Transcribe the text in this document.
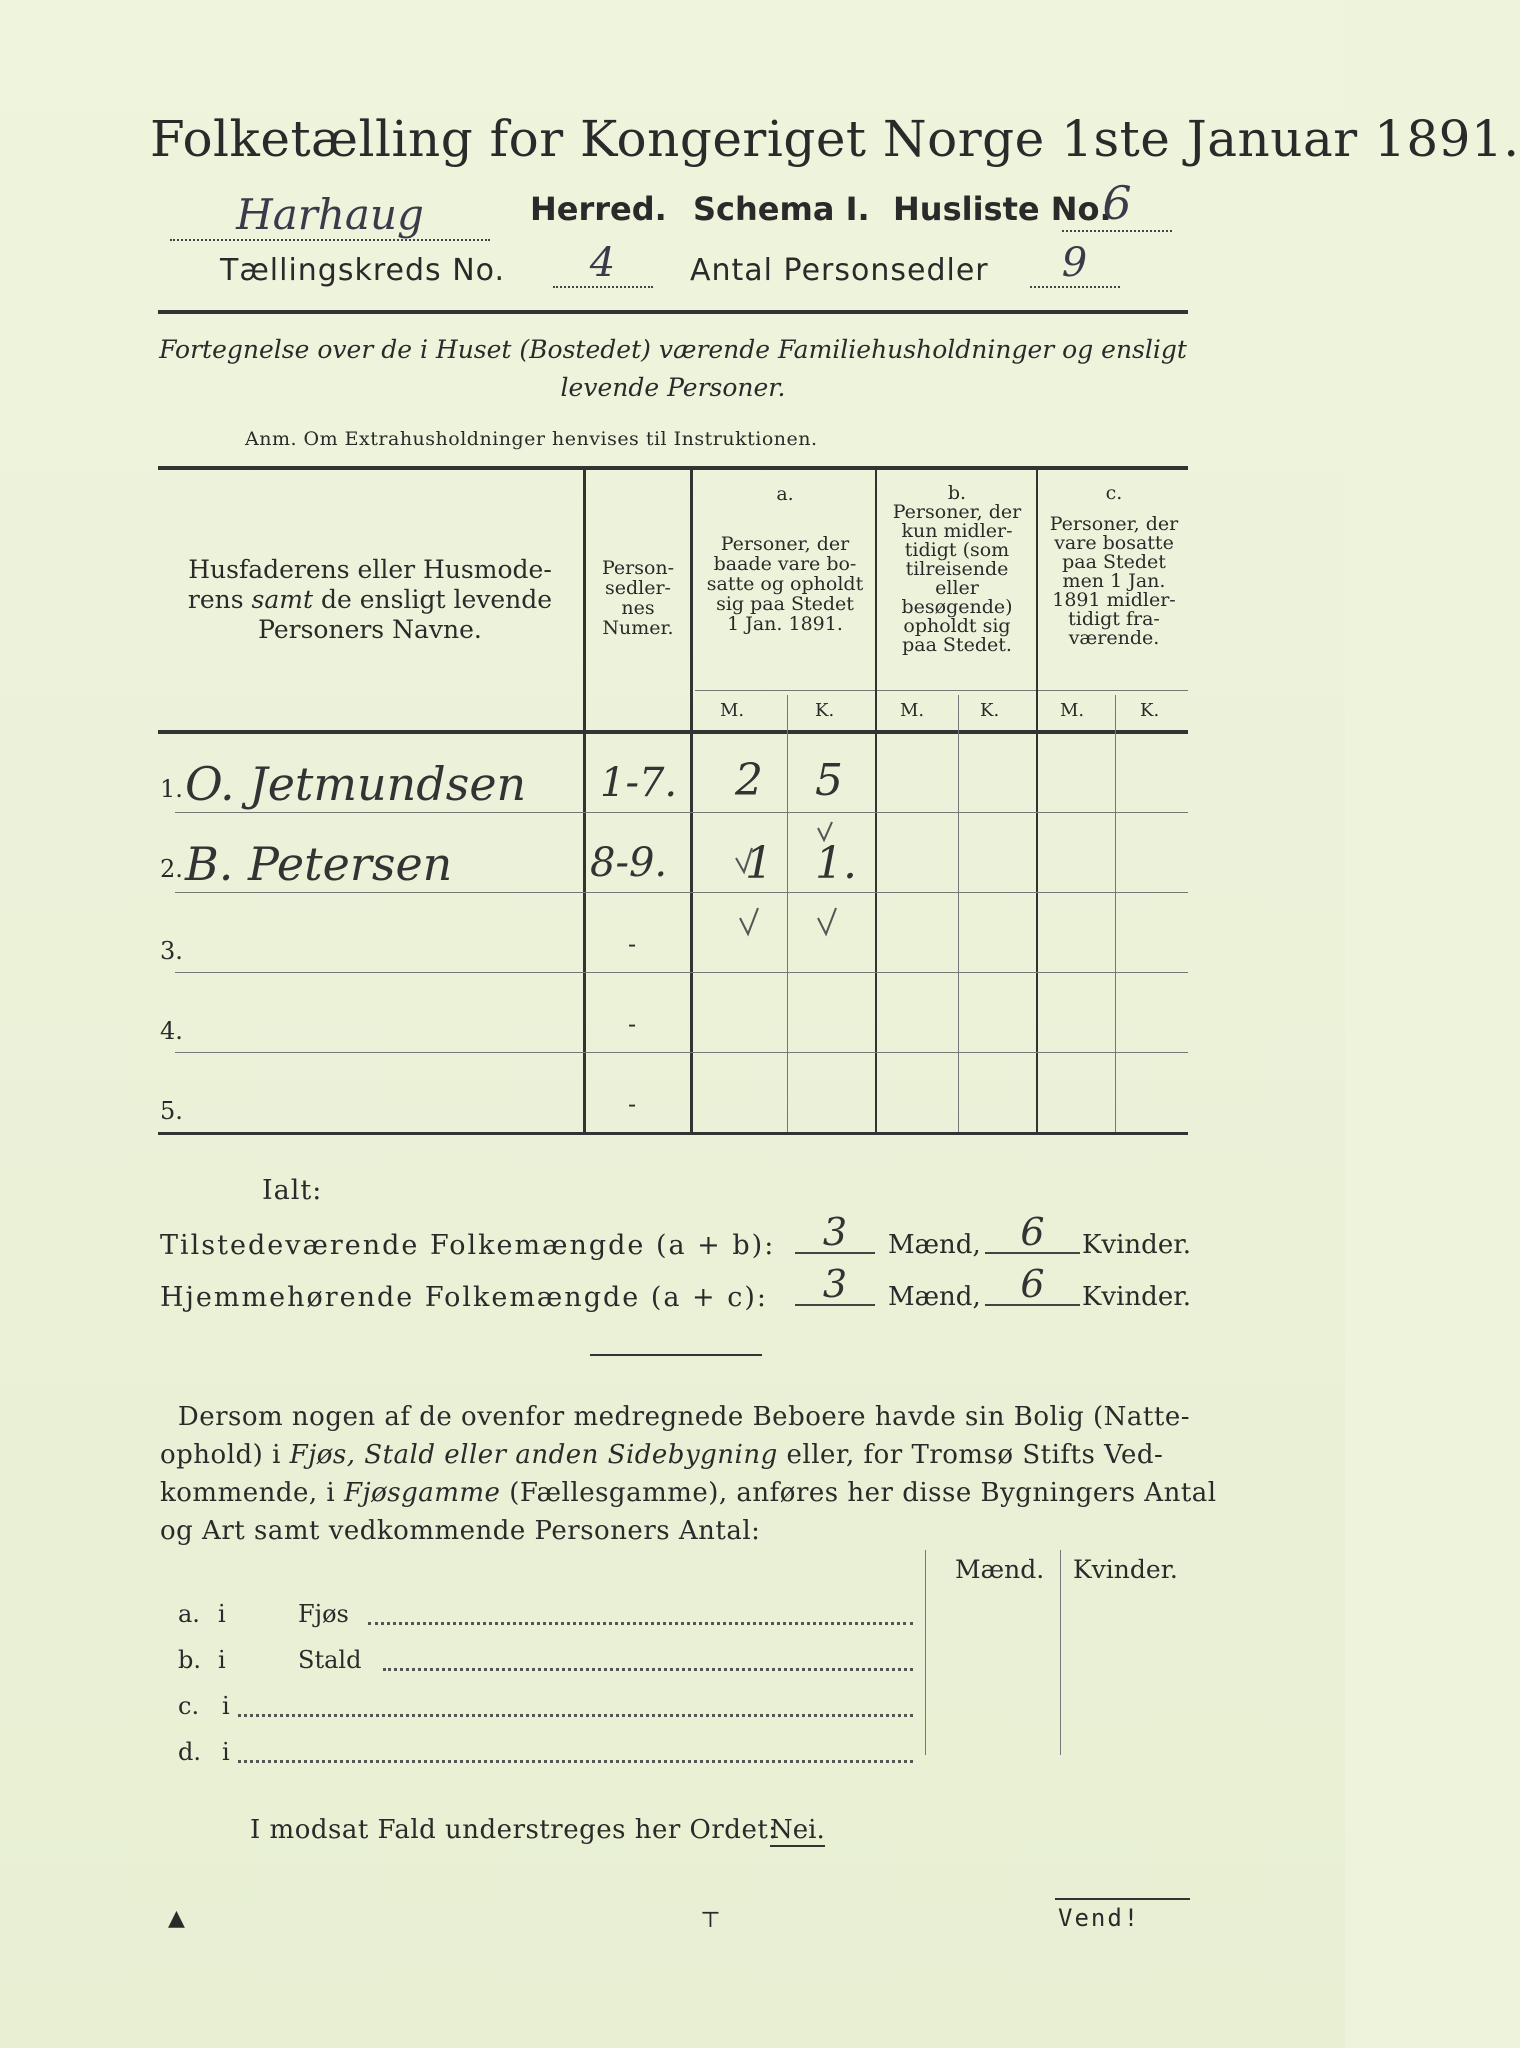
Folketælling for Kongeriget Norge 1ste Januar 1891.
Harhaug	Herred. Schema I. Husliste No.
6
Tællingskreds No.	4	Antal Personsedler	9
Fortegnelse over de i Huset (Bostedet) værende Familiehusholdninger og ensligt
levende Personer.
Anm. Om Extrahusholdninger henvises til Instruktionen.
Husfaderens eller Husmode-
rens samt de ensligt levende
Personers Navne.
Person-
sedler-
nes
Numer.
a.
Personer, der
baade vare bo-
satte og opholdt
sig paa Stedet
1 Jan. 1891.
b.
Personer, der
kun midler-
tidigt (som
tilreisende
eller
besøgende)
opholdt sig
paa Stedet.
c.
Personer, der
vare bosatte
paa Stedet
men 1 Jan.
1891 midler-
tidigt fra-
værende.
M.	K.	M.	K.	M.	K.
1. O. Jetmundsen 1-7. 2 5
2. B. Petersen	8-9. 1 1.
3.	-
4.	-
5.	-
Ialt:
Tilstedeværende Folkemængde (a + b):	3	Mænd,	6	Kvinder.
Hjemmehørende Folkemængde (a + c):	3	Mænd,	6	Kvinder.
Dersom nogen af de ovenfor medregnede Beboere havde sin Bolig (Natte-
ophold) i Fjøs, Stald eller anden Sidebygning eller, for Tromsø Stifts Ved-
kommende, i Fjøsgamme (Fællesgamme), anføres her disse Bygningers Antal
og Art samt vedkommende Personers Antal:
Mænd. Kvinder.
a. i	Fjøs
b. i	Stald
c. i
d. i
I modsat Fald understreges her Ordet:
Nei.
Vend!
▲	⊤
